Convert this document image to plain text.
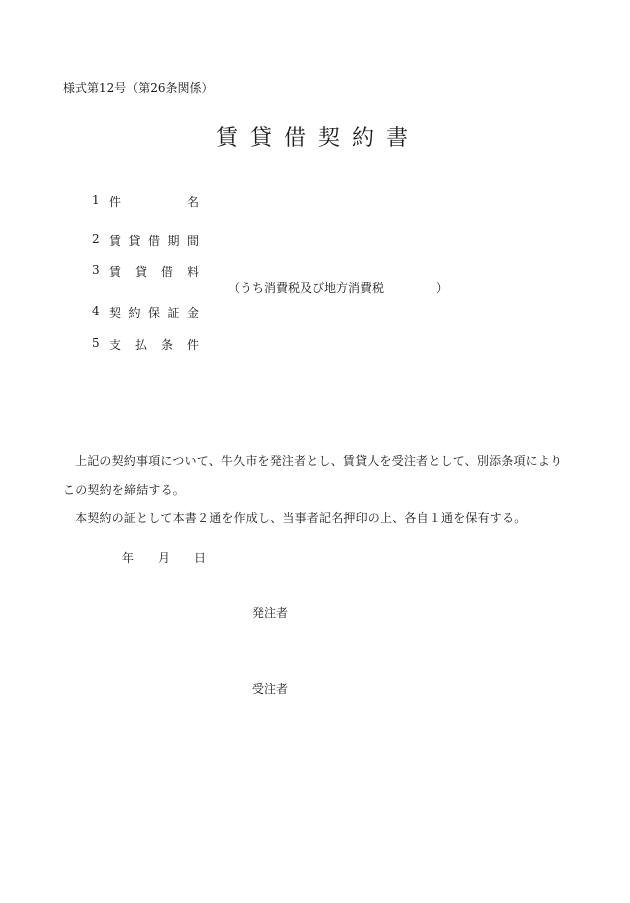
様式第12号（第26条関係）
賃貸借契約書
1 件	名
2 賃 貸 借 期 間
3 賃 貸 借 料
（うち消費税及び地方消費税	）
4 契 約 保 証 金
5 支 払 条 件
上記の契約事項について、牛久市を発注者とし、賃貸人を受注者として、別添条項により
この契約を締結する。
本契約の証として本書２通を作成し、当事者記名押印の上、各自１通を保有する。
年 月 日
発注者
受注者
